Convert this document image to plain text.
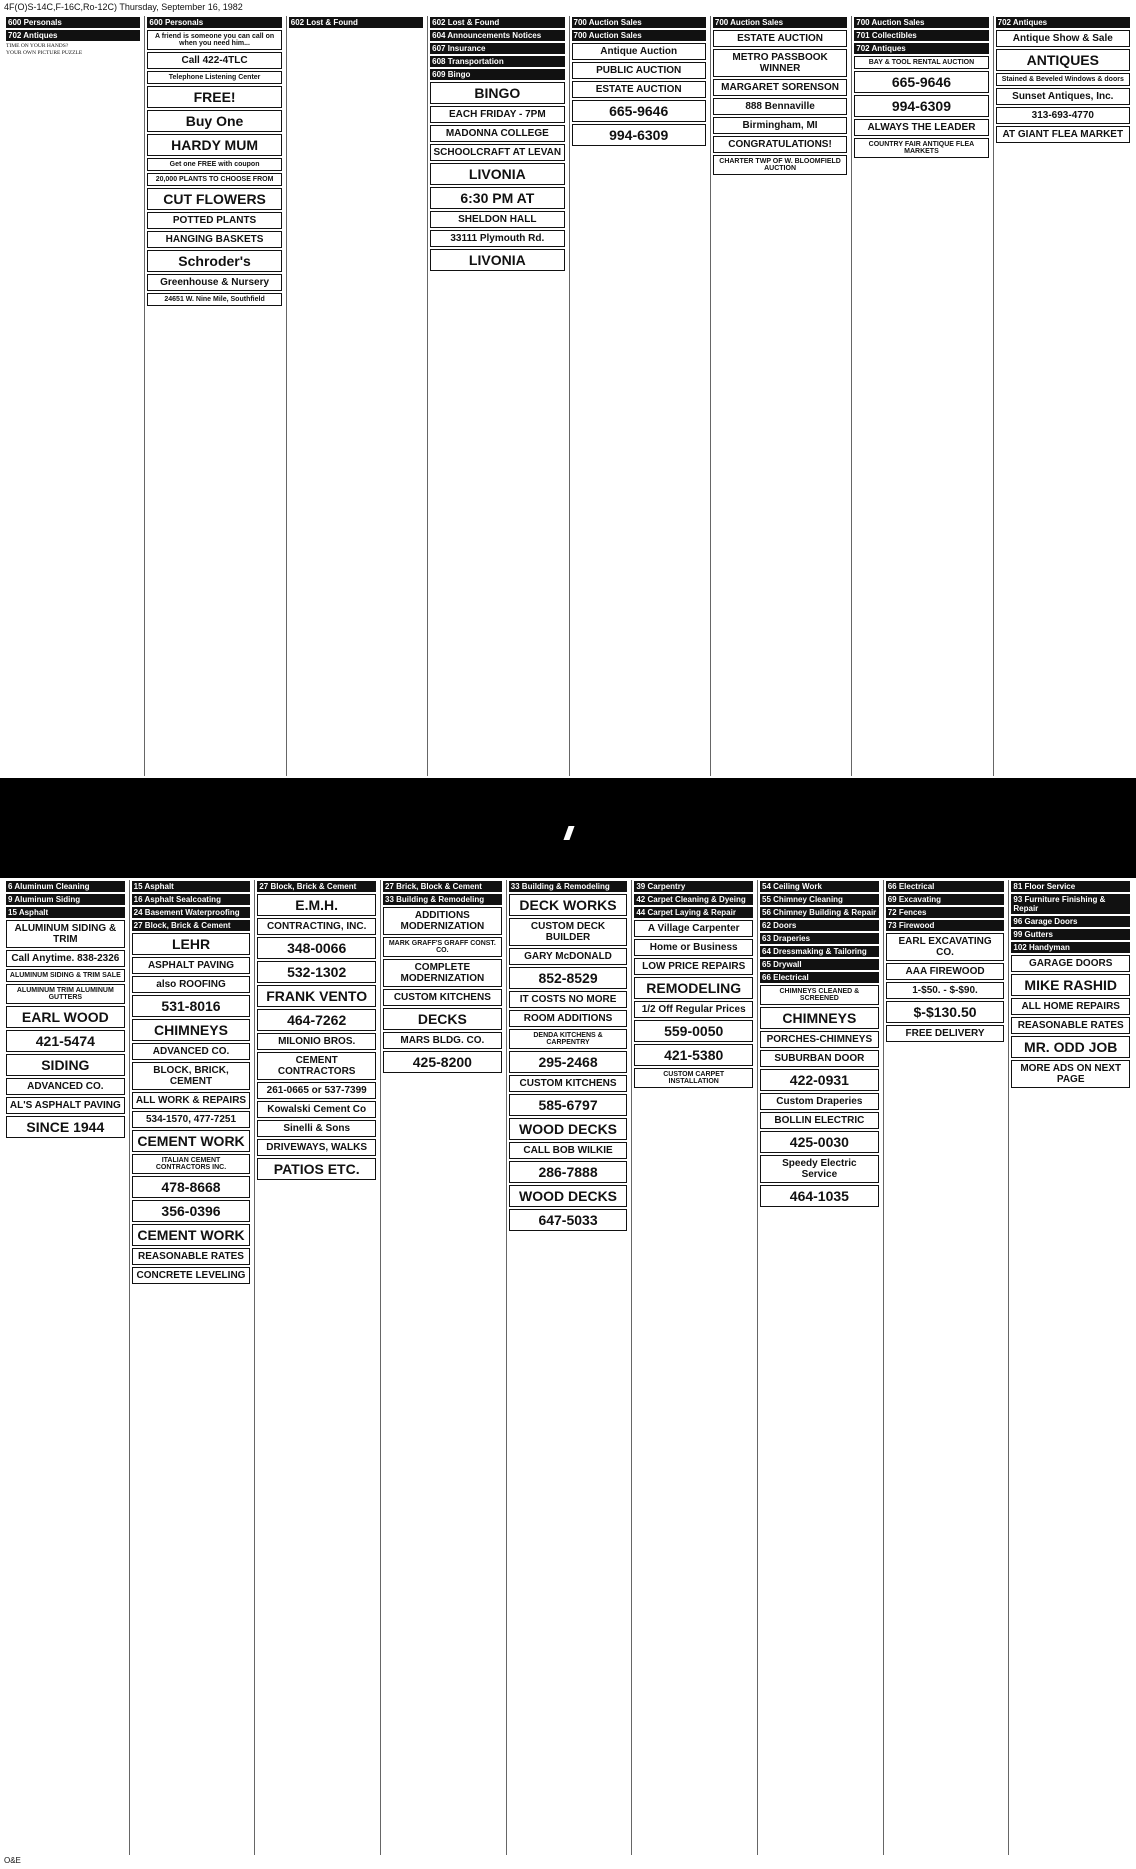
4F(O)S-14C,F-16C,Ro-12C) Thursday, September 16, 1982
600 Personals
702 Antiques
TIME ON YOUR HANDS?
YOUR OWN PICTURE PUZZLE
600 Personals
A friend is someone you can call on when you need him...
Call 422-4TLC
Telephone Listening Center
FREE!
Buy One
HARDY MUM
Get one FREE with coupon
20,000 PLANTS TO CHOOSE FROM
CUT FLOWERS
POTTED PLANTS
HANGING BASKETS
Schroder's
Greenhouse & Nursery
24651 W. Nine Mile, Southfield
602 Lost & Found	602 Lost & Found
604 Announcements Notices
607 Insurance
608 Transportation
609 Bingo
BINGO
EACH FRIDAY - 7PM
MADONNA COLLEGE
SCHOOLCRAFT AT LEVAN
LIVONIA
6:30 PM AT
SHELDON HALL
33111 Plymouth Rd.
LIVONIA
700 Auction Sales
700 Auction Sales
Antique Auction
PUBLIC AUCTION
ESTATE AUCTION
665-9646
994-6309
700 Auction Sales
ESTATE AUCTION
METRO PASSBOOK WINNER
MARGARET SORENSON
888 Bennaville
Birmingham, MI
CONGRATULATIONS!
CHARTER TWP OF W. BLOOMFIELD AUCTION
700 Auction Sales
701 Collectibles
702 Antiques
BAY & TOOL RENTAL AUCTION
665-9646
994-6309
ALWAYS THE LEADER
COUNTRY FAIR ANTIQUE FLEA MARKETS
702 Antiques
Antique Show & Sale
ANTIQUES
Stained & Beveled Windows & doors
Sunset Antiques, Inc.
313-693-4770
AT GIANT FLEA MARKET
6 Aluminum Cleaning
9 Aluminum Siding
15 Asphalt
ALUMINUM SIDING & TRIM
Call Anytime. 838-2326
ALUMINUM SIDING & TRIM SALE
ALUMINUM TRIM ALUMINUM GUTTERS
EARL WOOD
421-5474
SIDING
ADVANCED CO.
AL'S ASPHALT PAVING
SINCE 1944
15 Asphalt
16 Asphalt Sealcoating
24 Basement Waterproofing
27 Block, Brick & Cement
LEHR
ASPHALT PAVING
also ROOFING
531-8016
CHIMNEYS
ADVANCED CO.
BLOCK, BRICK, CEMENT
ALL WORK & REPAIRS
534-1570, 477-7251
CEMENT WORK
ITALIAN CEMENT CONTRACTORS INC.
478-8668
356-0396
CEMENT WORK
REASONABLE RATES
CONCRETE LEVELING
27 Block, Brick & Cement
E.M.H.
CONTRACTING, INC.
348-0066
532-1302
FRANK VENTO
464-7262
MILONIO BROS.
CEMENT CONTRACTORS
261-0665 or 537-7399
Kowalski Cement Co
Sinelli & Sons
DRIVEWAYS, WALKS
PATIOS ETC.
27 Brick, Block & Cement
33 Building & Remodeling
ADDITIONS MODERNIZATION
MARK GRAFF'S GRAFF CONST. CO.
COMPLETE MODERNIZATION
CUSTOM KITCHENS
DECKS
MARS BLDG. CO.
425-8200
33 Building & Remodeling
DECK WORKS
CUSTOM DECK BUILDER
GARY McDONALD
852-8529
IT COSTS NO MORE
ROOM ADDITIONS
DENDA KITCHENS & CARPENTRY
295-2468
CUSTOM KITCHENS
585-6797
WOOD DECKS
CALL BOB WILKIE
286-7888
WOOD DECKS
647-5033
39 Carpentry
42 Carpet Cleaning & Dyeing
44 Carpet Laying & Repair
A Village Carpenter
Home or Business
LOW PRICE REPAIRS
REMODELING
1/2 Off Regular Prices
559-0050
421-5380
CUSTOM CARPET INSTALLATION
54 Ceiling Work
55 Chimney Cleaning
56 Chimney Building & Repair
62 Doors
63 Draperies
64 Dressmaking & Tailoring
65 Drywall
66 Electrical
CHIMNEYS CLEANED & SCREENED
CHIMNEYS
PORCHES-CHIMNEYS
SUBURBAN DOOR
422-0931
Custom Draperies
BOLLIN ELECTRIC
425-0030
Speedy Electric Service
464-1035
66 Electrical
69 Excavating
72 Fences
73 Firewood
EARL EXCAVATING CO.
AAA FIREWOOD
1-$50. - $-$90.
$-$130.50
FREE DELIVERY
81 Floor Service
93 Furniture Finishing & Repair
96 Garage Doors
99 Gutters
102 Handyman
GARAGE DOORS
MIKE RASHID
ALL HOME REPAIRS
REASONABLE RATES
MR. ODD JOB
MORE ADS ON NEXT PAGE
O&E
